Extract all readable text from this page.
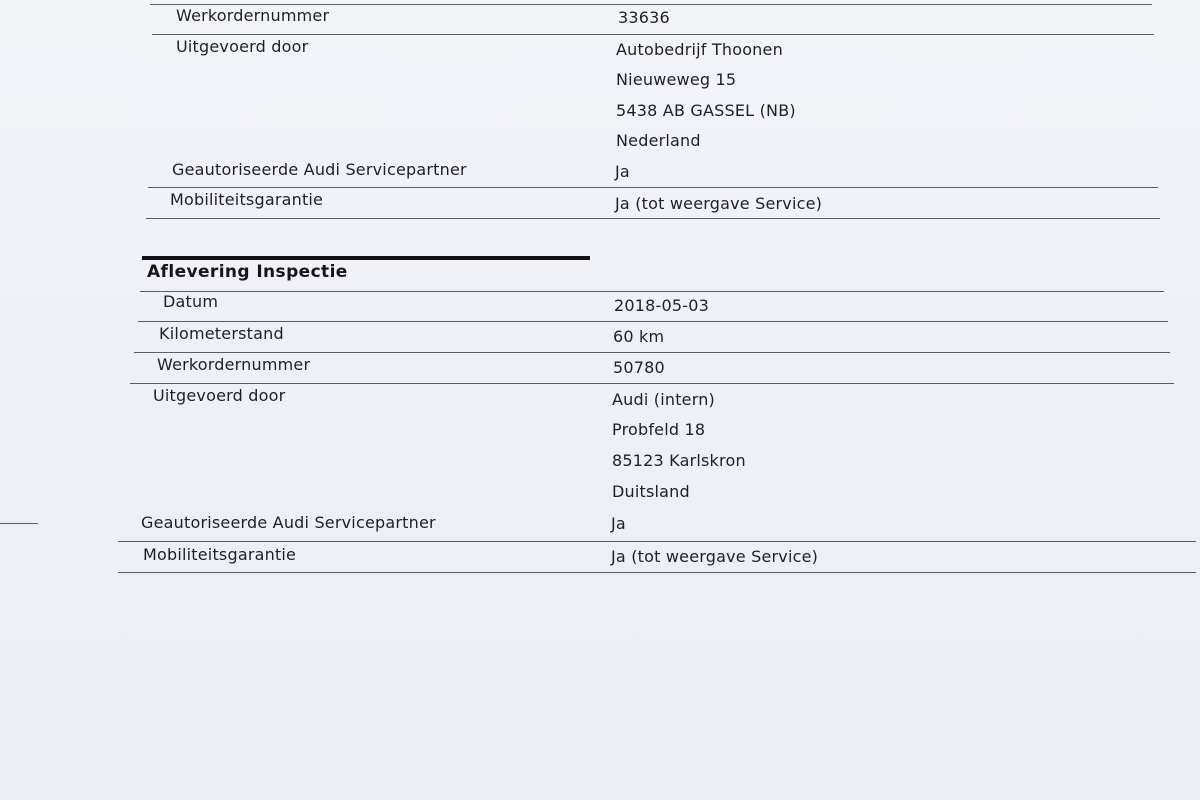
Werkordernummer	33636
Uitgevoerd door	Autobedrijf Thoonen
Nieuweweg 15
5438 AB GASSEL (NB)
Nederland
Geautoriseerde Audi Servicepartner	Ja
Mobiliteitsgarantie	Ja (tot weergave Service)
Aflevering Inspectie
Datum	2018-05-03
Kilometerstand	60 km
Werkordernummer	50780
Uitgevoerd door	Audi (intern)
Probfeld 18
85123 Karlskron
Duitsland
Geautoriseerde Audi Servicepartner	Ja
Mobiliteitsgarantie	Ja (tot weergave Service)
